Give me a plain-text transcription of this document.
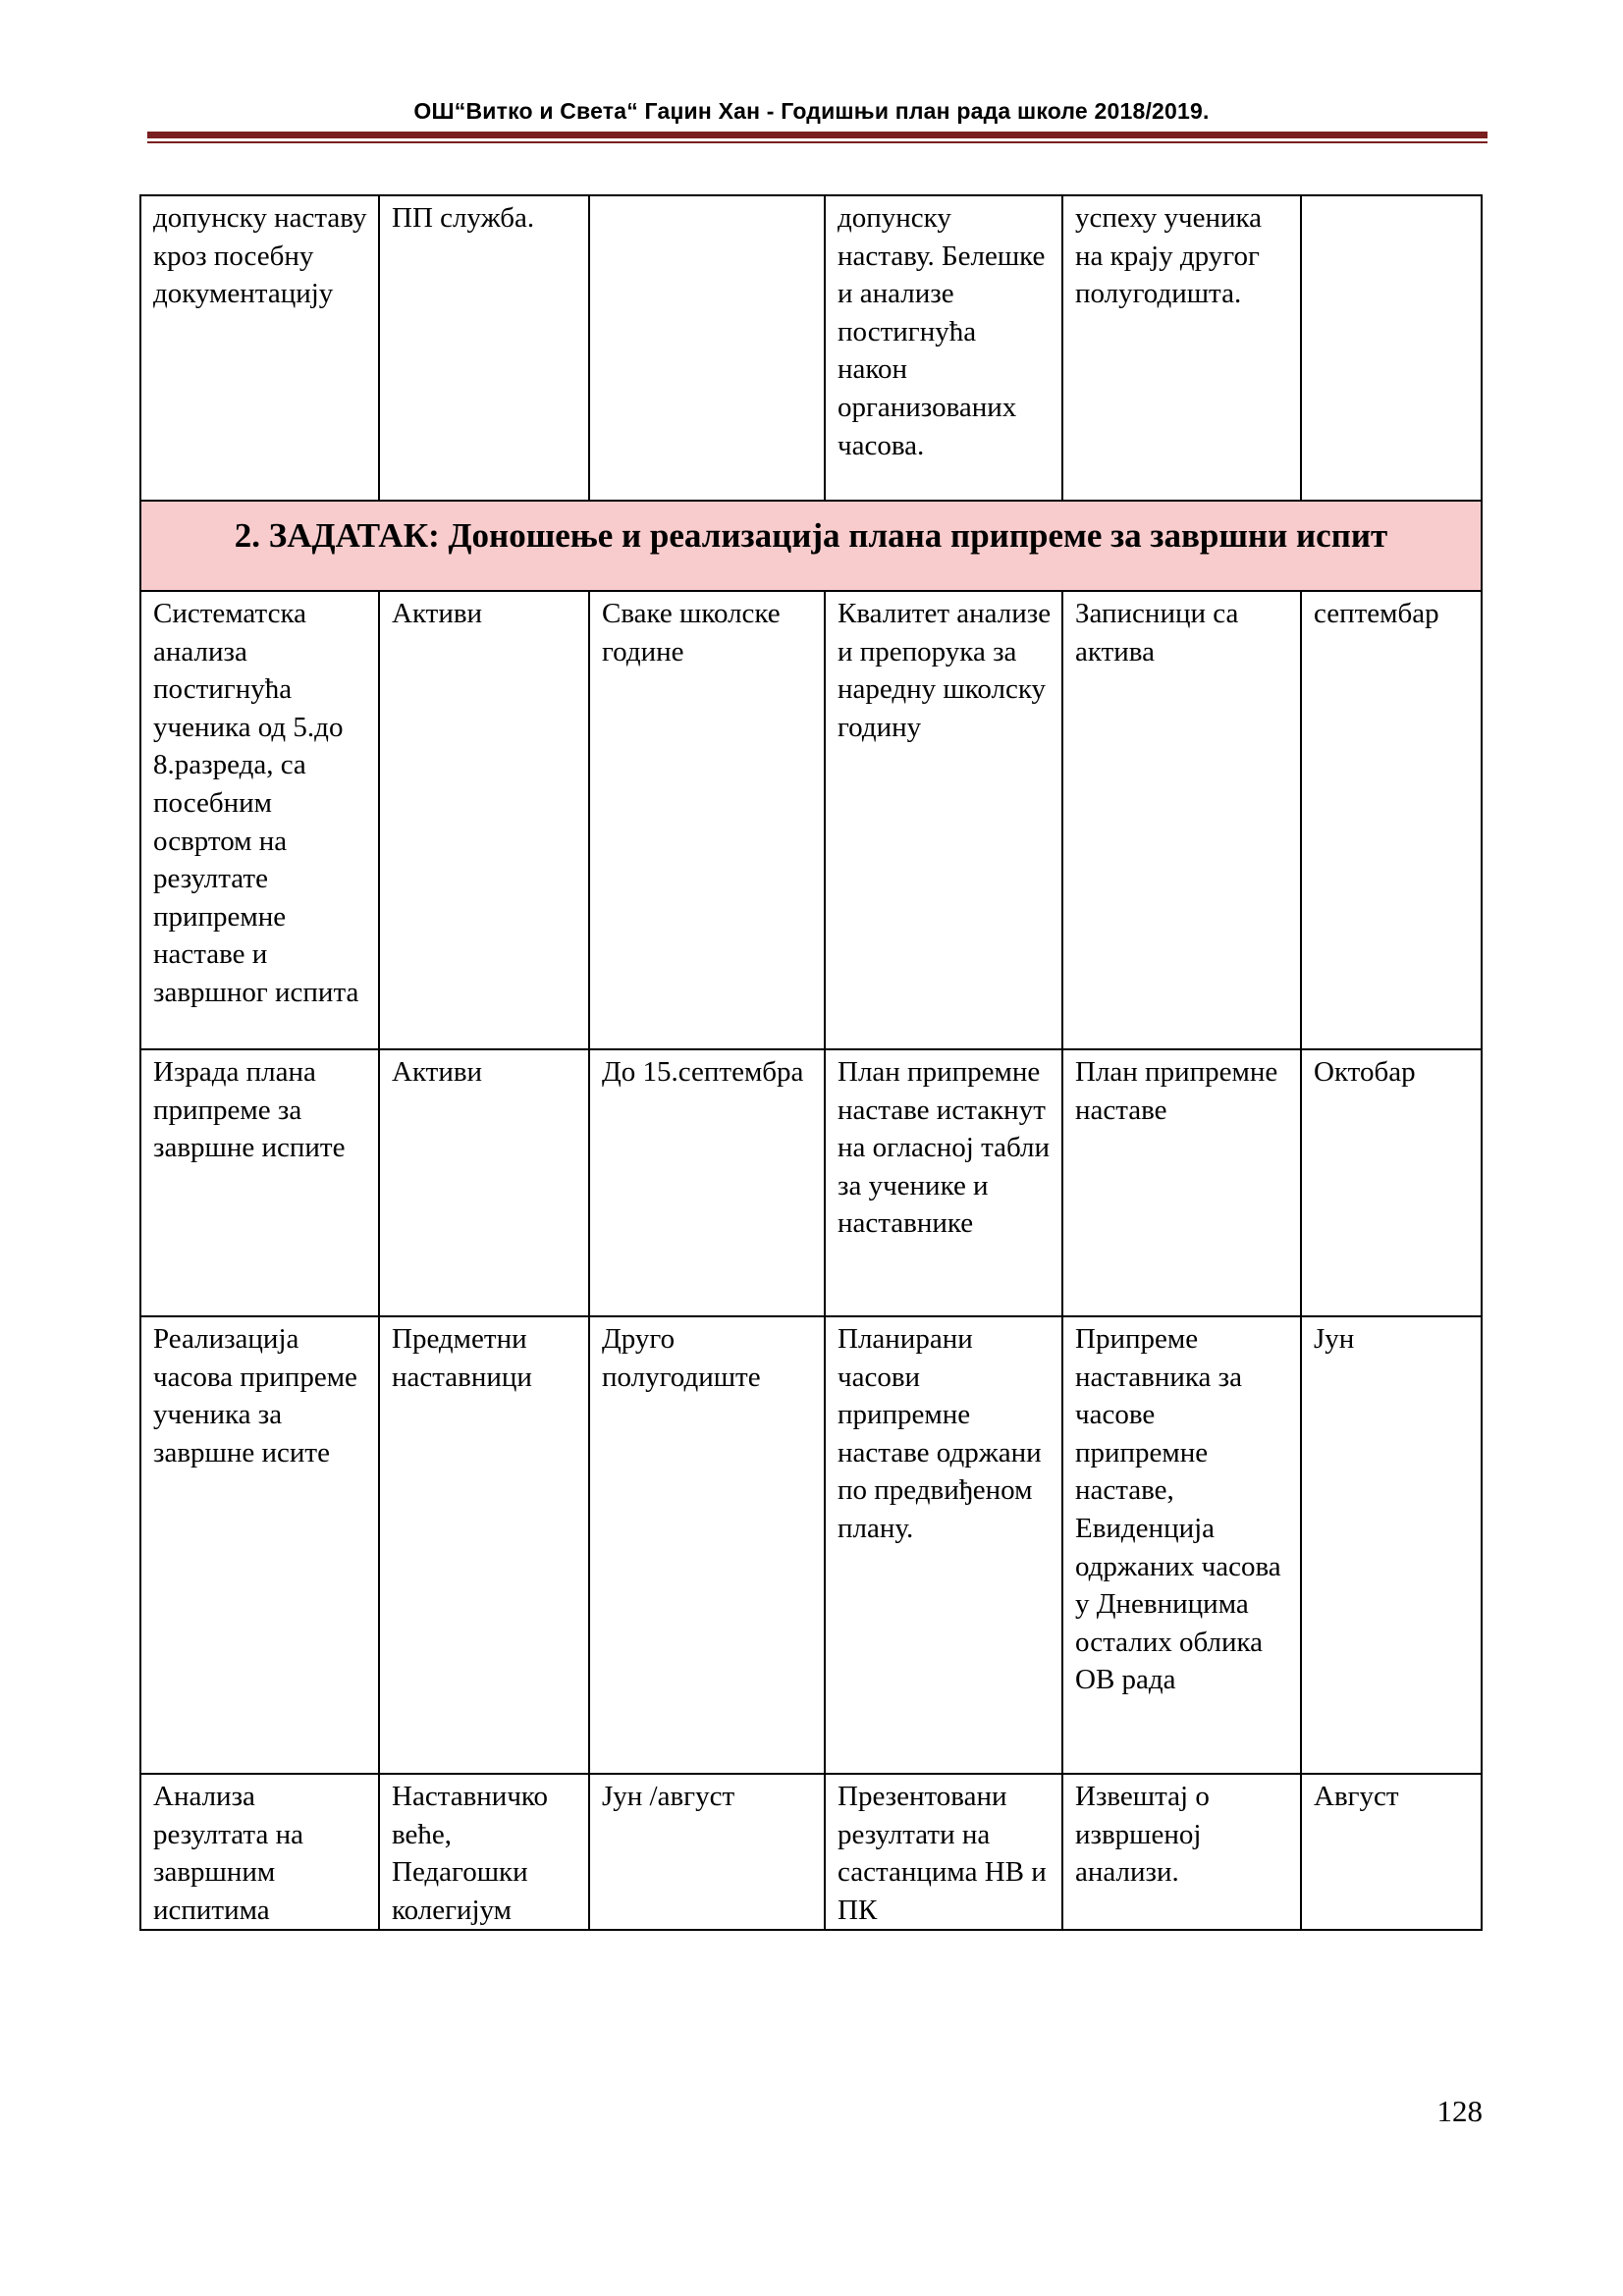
ОШ“Витко и Света“ Гаџин Хан - Годишњи план рада школе 2018/2019.
допунску наставу кроз посебну документацију	ПП служба.		допунску наставу. Белешке и анализе постигнућа након организованих часова.	успеху ученика на крају другог полугодишта.	
2. ЗАДАТАК: Доношење и реализација плана припреме за завршни испит					
Систематска анализа постигнућа ученика од 5.до 8.разреда, са посебним освртом на резултате припремне наставе и завршног испита	Активи	Сваке школске године	Квалитет анализе и препорука за наредну школску годину	Записници са актива	септембар
Израда плана припреме за завршне испите	Активи	До 15.септембра	План припремне наставе истакнут на огласној табли за ученике и наставнике	План припремне наставе	Октобар
Реализација часова припреме ученика за завршне исите	Предметни наставници	Друго полугодиште	Планирани часови припремне наставе одржани по предвиђеном плану.	Припреме наставника за часове припремне наставе, Евиденција одржаних часова у Дневницима осталих облика ОВ рада	Јун
Анализа резултата на завршним испитима	Наставничко веће, Педагошки колегијум	Јун /август	Презентовани резултати на састанцима НВ и ПК	Извештај о извршеној анализи.	Август
128
